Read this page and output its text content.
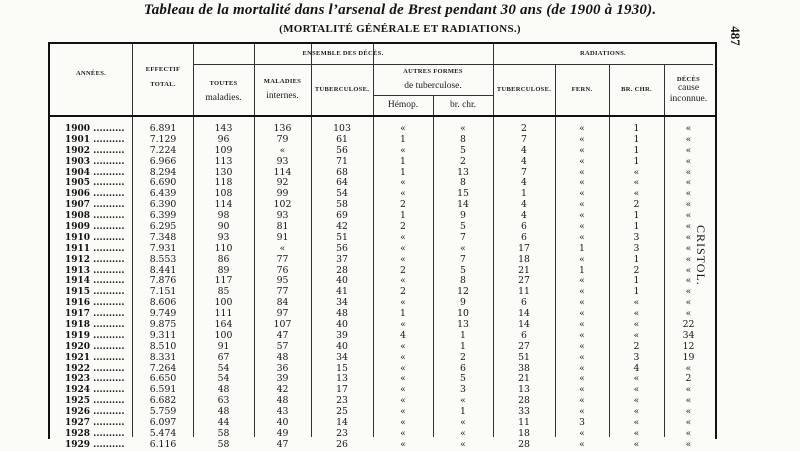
Tableau de la mortalité dans l’arsenal de Brest pendant 30 ans (de 1900 à 1930).
(MORTALITÉ GÉNÉRALE ET RADIATIONS.)	487
CRISTOL.
ANNÉES.
EFFECTIF
TOTAL.
ENSEMBLE DES DÉCÈS.	RADIATIONS.
TOUTES
maladies.
MALADIES
internes.
TUBERCULOSE.
AUTRES FORMES
de tuberculose.
Hémop.	br. chr.
TUBERCULOSE.	FERN.	BR. CHR.
DÉCÈS
cause
inconnue.
1900 ..........	6.891	143	136	103	«	«	2	«	1	«
1901 ..........	7.129	96	79	61	1	8	7	«	1	«
1902 ..........	7.224	109	«	56	«	5	4	«	1	«
1903 ..........	6.966	113	93	71	1	2	4	«	1	«
1904 ..........	8.294	130	114	68	1	13	7	«	«	«
1905 ..........	6.690	118	92	64	«	8	4	«	«	«
1906 ..........	6.439	108	99	54	«	15	1	«	«	«
1907 ..........	6.390	114	102	58	2	14	4	«	2	«
1908 ..........	6.399	98	93	69	1	9	4	«	1	«
1909 ..........	6.295	90	81	42	2	5	6	«	1	«
1910 ..........	7.348	93	91	51	«	7	6	«	3	«
1911 ..........	7.931	110	«	56	«	«	17	1	3	«
1912 ..........	8.553	86	77	37	«	7	18	«	1	«
1913 ..........	8.441	89	76	28	2	5	21	1	2	«
1914 ..........	7.876	117	95	40	«	8	27	«	1	«
1915 ..........	7.151	85	77	41	2	12	11	«	1	«
1916 ..........	8.606	100	84	34	«	9	6	«	«	«
1917 ..........	9.749	111	97	48	1	10	14	«	«	«
1918 ..........	9.875	164	107	40	«	13	14	«	«	22
1919 ..........	9.311	100	47	39	4	1	6	«	«	34
1920 ..........	8.510	91	57	40	«	1	27	«	2	12
1921 ..........	8.331	67	48	34	«	2	51	«	3	19
1922 ..........	7.264	54	36	15	«	6	38	«	4	«
1923 ..........	6.650	54	39	13	«	5	21	«	«	2
1924 ..........	6.591	48	42	17	«	3	13	«	«	«
1925 ..........	6.682	63	48	23	«	«	28	«	«	«
1926 ..........	5.759	48	43	25	«	1	33	«	«	«
1927 ..........	6.097	44	40	14	«	«	11	3	«	«
1928 ..........	5.474	58	49	23	«	«	18	«	«	«
1929 ..........	6.116	58	47	26	«	«	28	«	«	«
